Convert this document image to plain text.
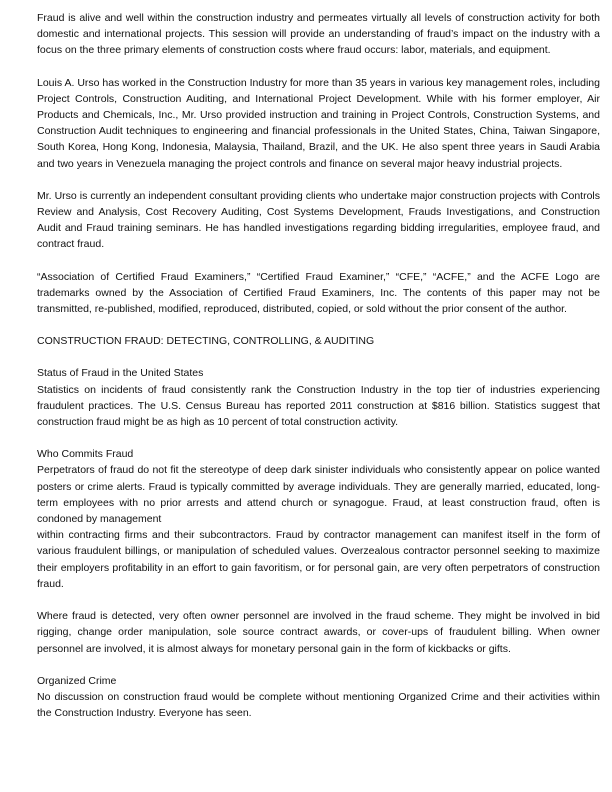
Fraud is alive and well within the construction industry and permeates virtually all levels of construction activity for both domestic and international projects. This session will provide an understanding of fraud’s impact on the industry with a focus on the three primary elements of construction costs where fraud occurs: labor, materials, and equipment.

Louis A. Urso has worked in the Construction Industry for more than 35 years in various key management roles, including Project Controls, Construction Auditing, and International Project Development. While with his former employer, Air Products and Chemicals, Inc., Mr. Urso provided instruction and training in Project Controls, Construction Systems, and Construction Audit techniques to engineering and financial professionals in the United States, China, Taiwan Singapore, South Korea, Hong Kong, Indonesia, Malaysia, Thailand, Brazil, and the UK. He also spent three years in Saudi Arabia and two years in Venezuela managing the project controls and finance on several major heavy industrial projects.

Mr. Urso is currently an independent consultant providing clients who undertake major construction projects with Controls Review and Analysis, Cost Recovery Auditing, Cost Systems Development, Frauds Investigations, and Construction Audit and Fraud training seminars. He has handled investigations regarding bidding irregularities, employee fraud, and contract fraud.

“Association of Certified Fraud Examiners,” “Certified Fraud Examiner,” “CFE,” “ACFE,” and the ACFE Logo are trademarks owned by the Association of Certified Fraud Examiners, Inc. The contents of this paper may not be transmitted, re-published, modified, reproduced, distributed, copied, or sold without the prior consent of the author.

CONSTRUCTION FRAUD: DETECTING, CONTROLLING, & AUDITING

Status of Fraud in the United States

Statistics on incidents of fraud consistently rank the Construction Industry in the top tier of industries experiencing fraudulent practices. The U.S. Census Bureau has reported 2011 construction at $816 billion. Statistics suggest that construction fraud might be as high as 10 percent of total construction activity.

Who Commits Fraud

Perpetrators of fraud do not fit the stereotype of deep dark sinister individuals who consistently appear on police wanted posters or crime alerts. Fraud is typically committed by average individuals. They are generally married, educated, long-term employees with no prior arrests and attend church or synagogue. Fraud, at least construction fraud, often is condoned by management

within contracting firms and their subcontractors. Fraud by contractor management can manifest itself in the form of various fraudulent billings, or manipulation of scheduled values. Overzealous contractor personnel seeking to maximize their employers profitability in an effort to gain favoritism, or for personal gain, are very often perpetrators of construction fraud.

Where fraud is detected, very often owner personnel are involved in the fraud scheme. They might be involved in bid rigging, change order manipulation, sole source contract awards, or cover-ups of fraudulent billing. When owner personnel are involved, it is almost always for monetary personal gain in the form of kickbacks or gifts.

Organized Crime

No discussion on construction fraud would be complete without mentioning Organized Crime and their activities within the Construction Industry. Everyone has seen.
